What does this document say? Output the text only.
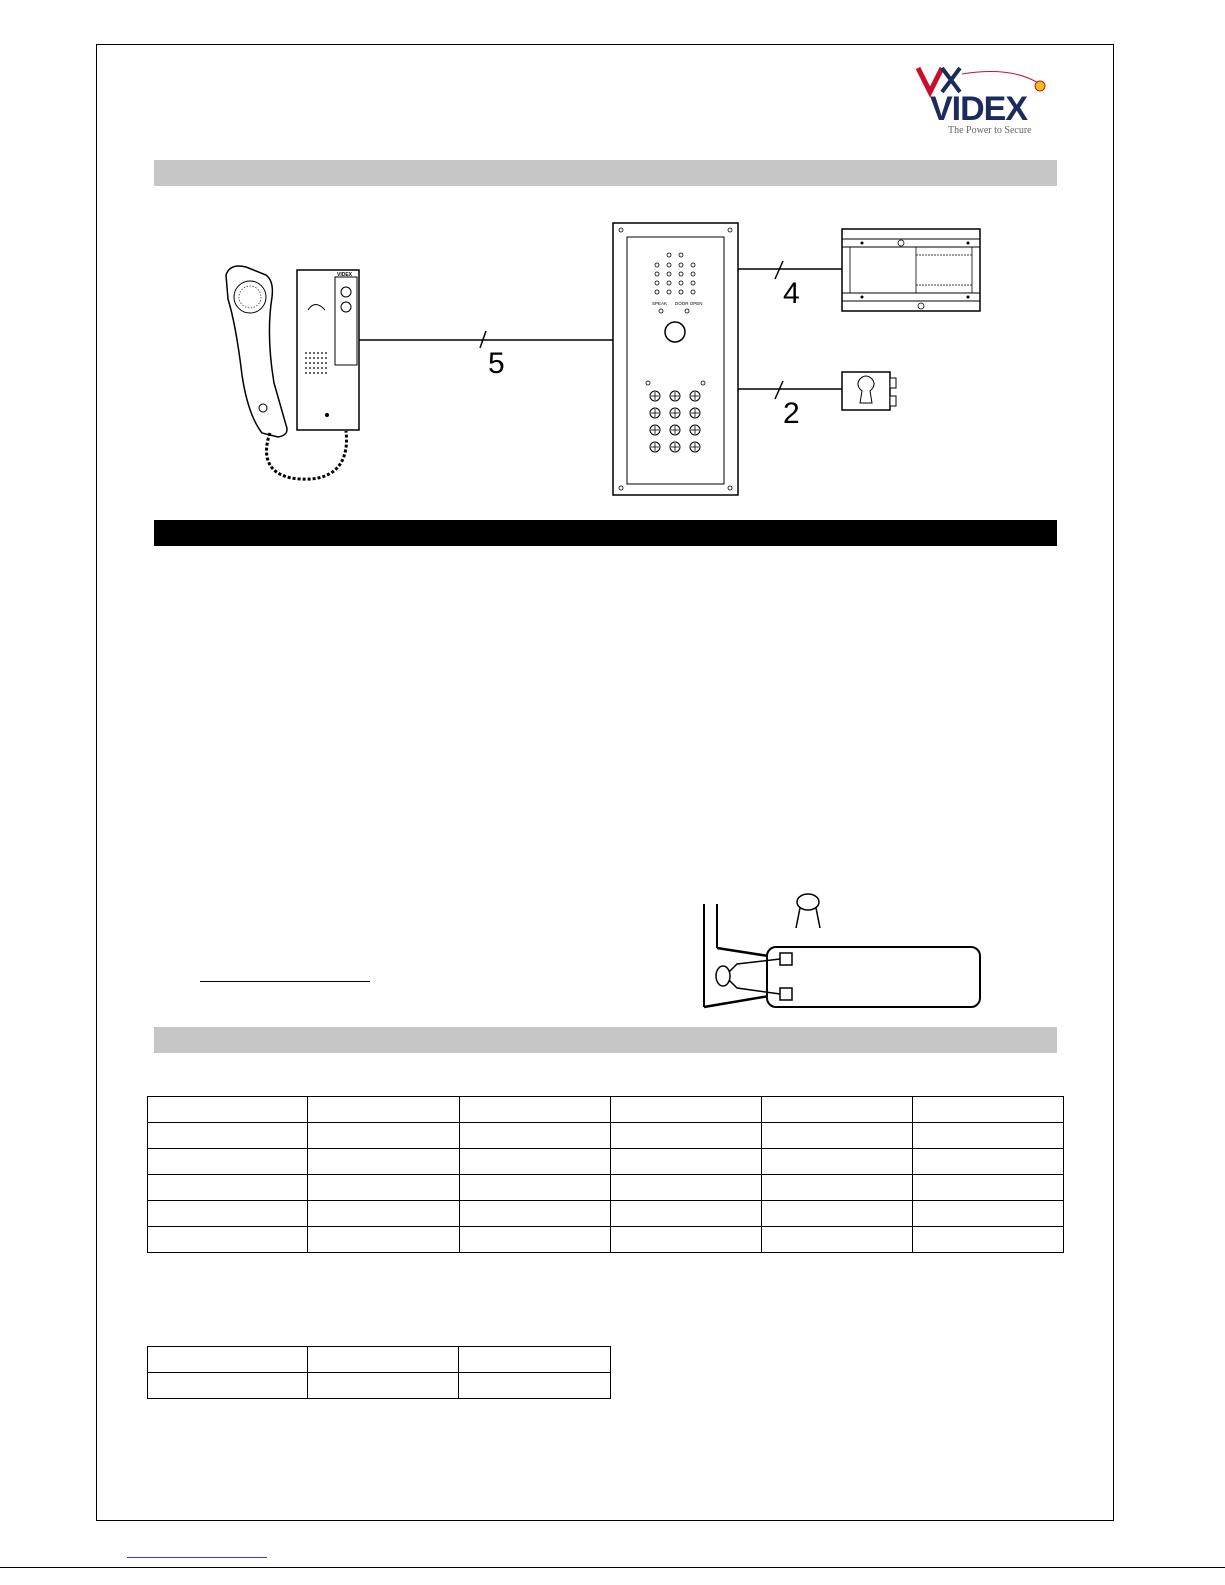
VIDEX
The Power to Secure
VIDEX
5
SPEAK DOOR OPEN	4
2
